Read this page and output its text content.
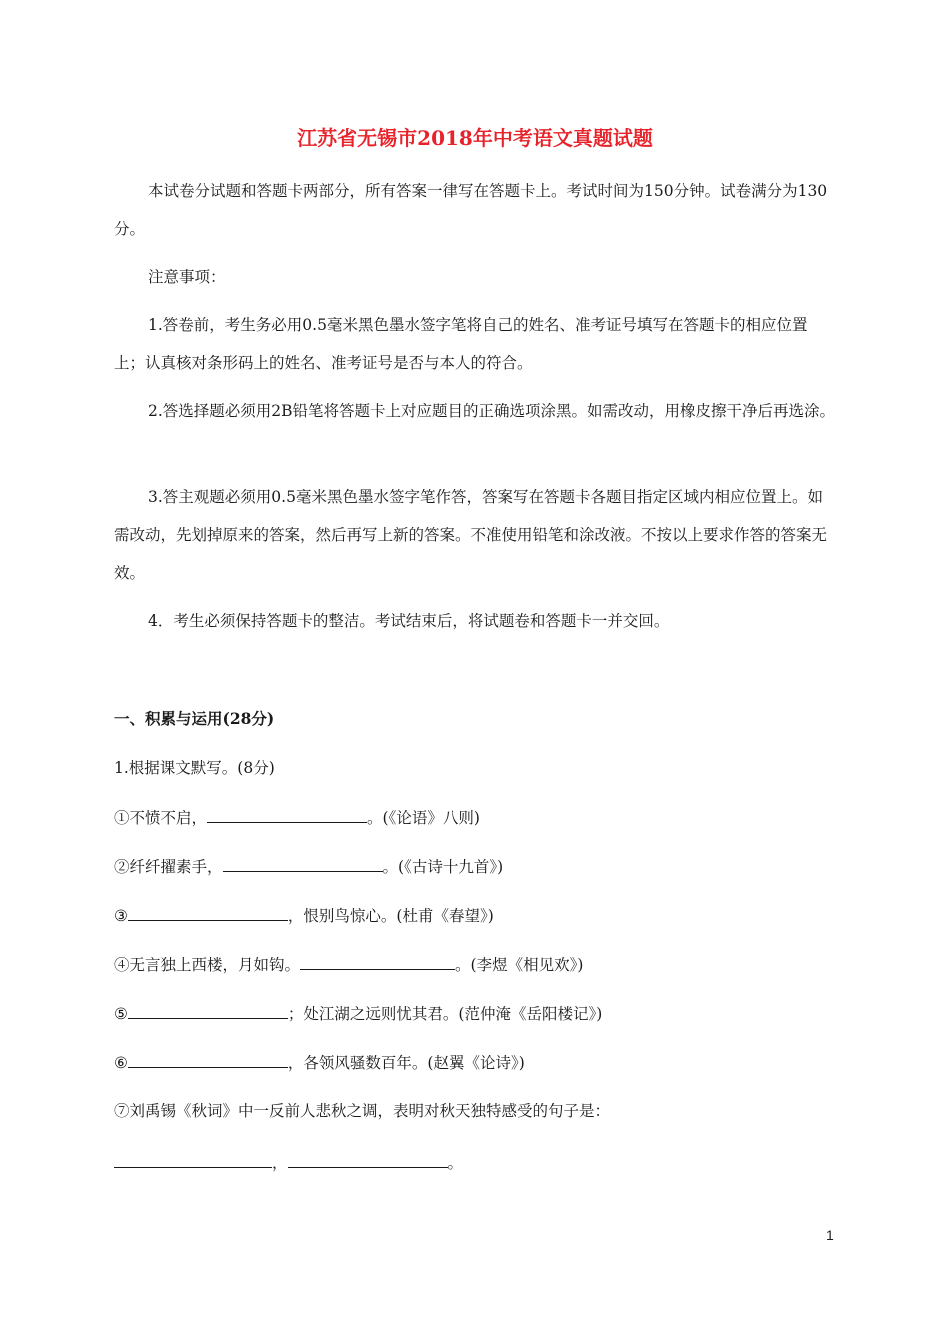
江苏省无锡市2018年中考语文真题试题

本试卷分试题和答题卡两部分，所有答案一律写在答题卡上。考试时间为150分钟。试卷满分为130分。

注意事项：

1.答卷前，考生务必用0.5毫米黑色墨水签字笔将自己的姓名、准考证号填写在答题卡的相应位置上；认真核对条形码上的姓名、准考证号是否与本人的符合。

2.答选择题必须用2B铅笔将答题卡上对应题目的正确选项涂黑。如需改动，用橡皮擦干净后再选涂。

3.答主观题必须用0.5毫米黑色墨水签字笔作答，答案写在答题卡各题目指定区域内相应位置上。如需改动，先划掉原来的答案，然后再写上新的答案。不准使用铅笔和涂改液。不按以上要求作答的答案无效。

4．考生必须保持答题卡的整洁。考试结束后，将试题卷和答题卡一并交回。

一、积累与运用(28分)
1.根据课文默写。(8分)
①不愤不启，	。(《论语》八则)
②纤纤擢素手，	。(《古诗十九首》)
③	，恨别鸟惊心。(杜甫《春望》)
④无言独上西楼，月如钩。	。(李煜《相见欢》)
⑤	；处江湖之远则忧其君。(范仲淹《岳阳楼记》)
⑥	，各领风骚数百年。(赵翼《论诗》)
⑦刘禹锡《秋词》中一反前人悲秋之调，表明对秋天独特感受的句子是：
，	。
1
